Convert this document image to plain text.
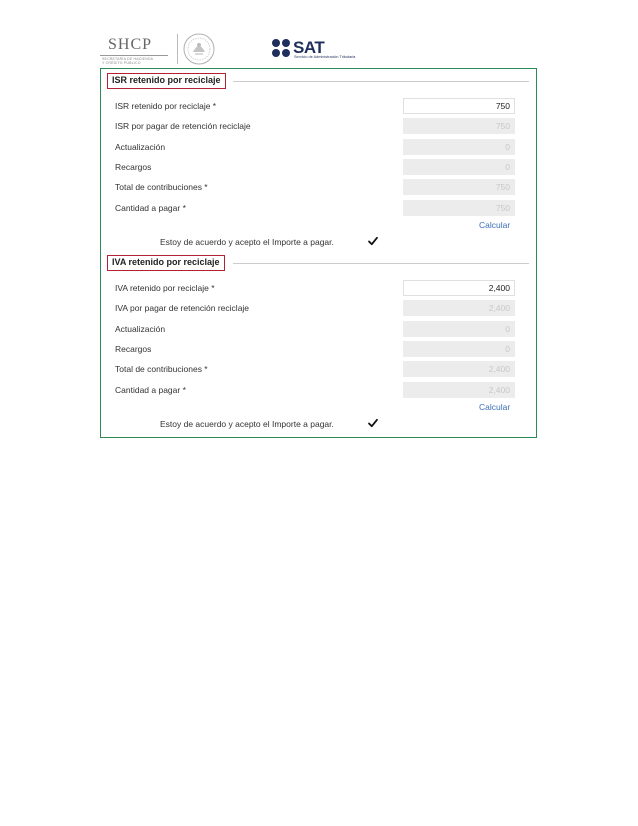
SHCP
SECRETARÍA DE HACIENDA
Y CRÉDITO PÚBLICO
SAT
Servicio de Administración Tributaria
ISR retenido por reciclaje
ISR retenido por reciclaje *	750
ISR por pagar de retención reciclaje	750
Actualización	0
Recargos	0
Total de contribuciones *	750
Cantidad a pagar *	750
Calcular
Estoy de acuerdo y acepto el Importe a pagar.
IVA retenido por reciclaje
IVA retenido por reciclaje *	2,400
IVA por pagar de retención reciclaje	2,400
Actualización	0
Recargos	0
Total de contribuciones *	2,400
Cantidad a pagar *	2,400
Calcular
Estoy de acuerdo y acepto el Importe a pagar.
